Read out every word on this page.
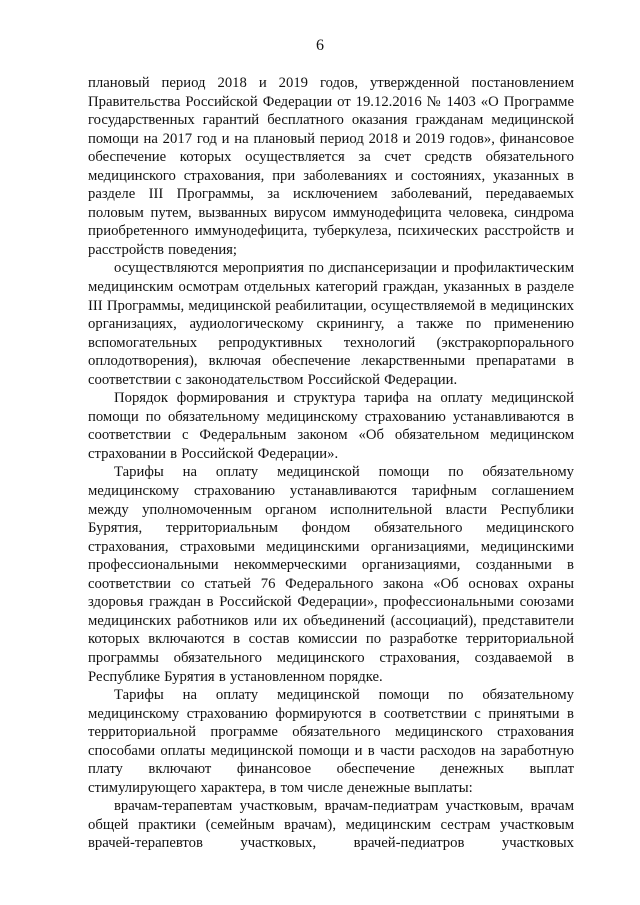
6

плановый период 2018 и 2019 годов, утвержденной постановлением Правительства Российской Федерации от 19.12.2016 № 1403 «О Программе государственных гарантий бесплатного оказания гражданам медицинской помощи на 2017 год и на плановый период 2018 и 2019 годов», финансовое обеспечение которых осуществляется за счет средств обязательного медицинского страхования, при заболеваниях и состояниях, указанных в разделе III Программы, за исключением заболеваний, передаваемых половым путем, вызванных вирусом иммунодефицита человека, синдрома приобретенного иммунодефицита, туберкулеза, психических расстройств и расстройств поведения;

осуществляются мероприятия по диспансеризации и профилактическим медицинским осмотрам отдельных категорий граждан, указанных в разделе III Программы, медицинской реабилитации, осуществляемой в медицинских организациях, аудиологическому скринингу, а также по применению вспомогательных репродуктивных технологий (экстракорпорального оплодотворения), включая обеспечение лекарственными препаратами в соответствии с законодательством Российской Федерации.

Порядок формирования и структура тарифа на оплату медицинской помощи по обязательному медицинскому страхованию устанавливаются в соответствии с Федеральным законом «Об обязательном медицинском страховании в Российской Федерации».

Тарифы на оплату медицинской помощи по обязательному медицинскому страхованию устанавливаются тарифным соглашением между уполномоченным органом исполнительной власти Республики Бурятия, территориальным фондом обязательного медицинского страхования, страховыми медицинскими организациями, медицинскими профессиональными некоммерческими организациями, созданными в соответствии со статьей 76 Федерального закона «Об основах охраны здоровья граждан в Российской Федерации», профессиональными союзами медицинских работников или их объединений (ассоциаций), представители которых включаются в состав комиссии по разработке территориальной программы обязательного медицинского страхования, создаваемой в Республике Бурятия в установленном порядке.

Тарифы на оплату медицинской помощи по обязательному медицинскому страхованию формируются в соответствии с принятыми в территориальной программе обязательного медицинского страхования способами оплаты медицинской помощи и в части расходов на заработную плату включают финансовое обеспечение денежных выплат стимулирующего характера, в том числе денежные выплаты:

врачам-терапевтам участковым, врачам-педиатрам участковым, врачам общей практики (семейным врачам), медицинским сестрам участковым врачей-терапевтов участковых, врачей-педиатров участковых
